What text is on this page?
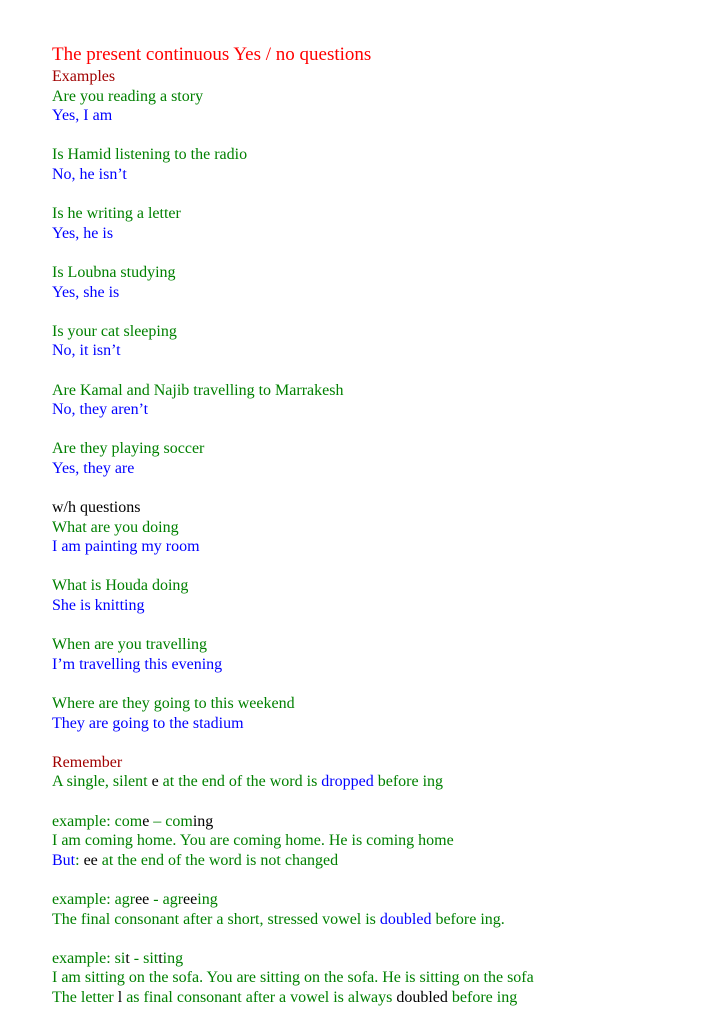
The present continuous Yes / no questions
Examples
Are you reading a story
Yes, I am
Is Hamid listening to the radio
No, he isn’t
Is he writing a letter
Yes, he is
Is Loubna studying
Yes, she is
Is your cat sleeping
No, it isn’t
Are Kamal and Najib travelling to Marrakesh
No, they aren’t
Are they playing soccer
Yes, they are
w/h questions
What are you doing
I am painting my room
What is Houda doing
She is knitting
When are you travelling
I’m travelling this evening
Where are they going to this weekend
They are going to the stadium
Remember
A single, silent e at the end of the word is dropped before ing
example: come – coming
I am coming home. You are coming home. He is coming home
But: ee at the end of the word is not changed
example: agree - agreeing
The final consonant after a short, stressed vowel is doubled before ing.
example: sit - sitting
I am sitting on the sofa. You are sitting on the sofa. He is sitting on the sofa
The letter l as final consonant after a vowel is always doubled before ing
